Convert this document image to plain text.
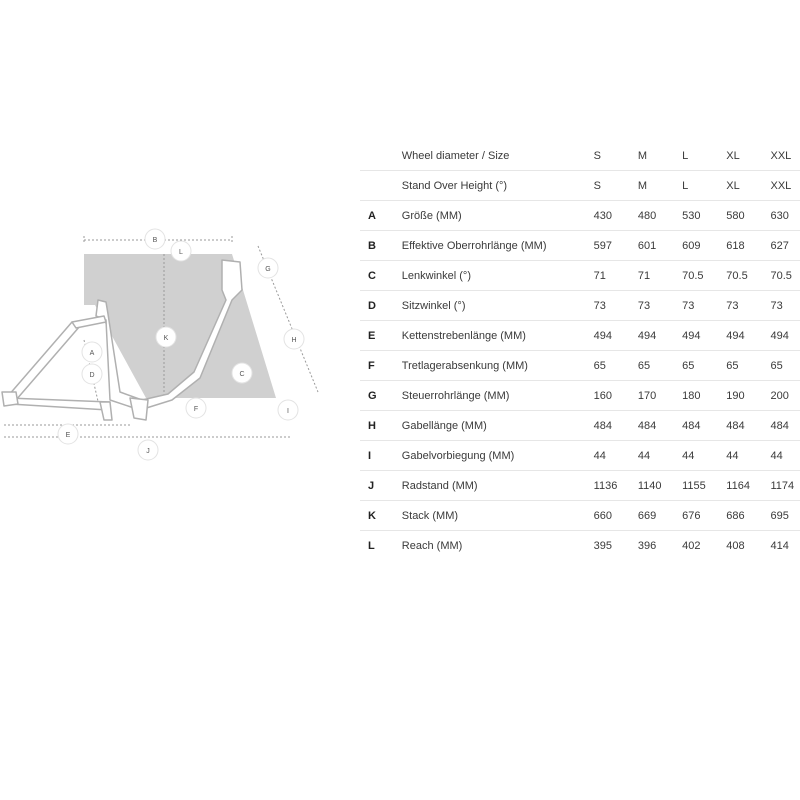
A
B
C
D
E
F
G
H
I
J
K
L
	Wheel diameter / Size	S	M	L	XL	XXL
	Stand Over Height (°)	S	M	L	XL	XXL
A	Größe (MM)	430	480	530	580	630
B	Effektive Oberrohrlänge (MM)	597	601	609	618	627
C	Lenkwinkel (°)	71	71	70.5	70.5	70.5
D	Sitzwinkel (°)	73	73	73	73	73
E	Kettenstrebenlänge (MM)	494	494	494	494	494
F	Tretlagerabsenkung (MM)	65	65	65	65	65
G	Steuerrohrlänge (MM)	160	170	180	190	200
H	Gabellänge (MM)	484	484	484	484	484
I	Gabelvorbiegung (MM)	44	44	44	44	44
J	Radstand (MM)	1136	1140	1155	1164	1174
K	Stack (MM)	660	669	676	686	695
L	Reach (MM)	395	396	402	408	414
